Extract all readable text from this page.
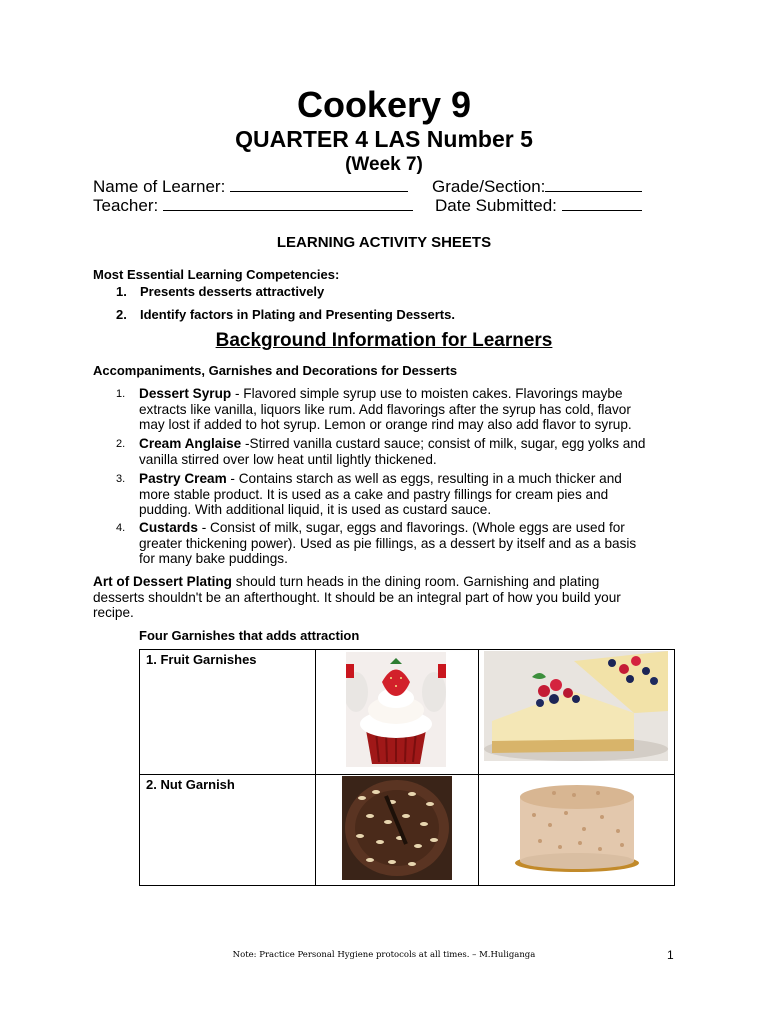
Cookery 9
QUARTER 4 LAS Number 5
(Week 7)
Name of Learner:	Grade/Section:
Teacher:	Date Submitted:
LEARNING ACTIVITY SHEETS
Most Essential Learning Competencies:
1. Presents desserts attractively
2. Identify factors in Plating and Presenting Desserts.
Background Information for Learners
Accompaniments, Garnishes and Decorations for Desserts
1. Dessert Syrup - Flavored simple syrup use to moisten cakes. Flavorings maybe
extracts like vanilla, liquors like rum. Add flavorings after the syrup has cold, flavor
may lost if added to hot syrup. Lemon or orange rind may also add flavor to syrup.
2. Cream Anglaise -Stirred vanilla custard sauce; consist of milk, sugar, egg yolks and
vanilla stirred over low heat until lightly thickened.
3. Pastry Cream - Contains starch as well as eggs, resulting in a much thicker and
more stable product. It is used as a cake and pastry fillings for cream pies and
pudding. With additional liquid, it is used as custard sauce.
4. Custards - Consist of milk, sugar, eggs and flavorings. (Whole eggs are used for
greater thickening power). Used as pie fillings, as a dessert by itself and as a basis
for many bake puddings.
Art of Dessert Plating should turn heads in the dining room. Garnishing and plating
desserts shouldn't be an afterthought. It should be an integral part of how you build your
recipe.
Four Garnishes that adds attraction
1. Fruit Garnishes

2. Nut Garnish

Note: Practice Personal Hygiene protocols at all times. – M.Huliganga	1
